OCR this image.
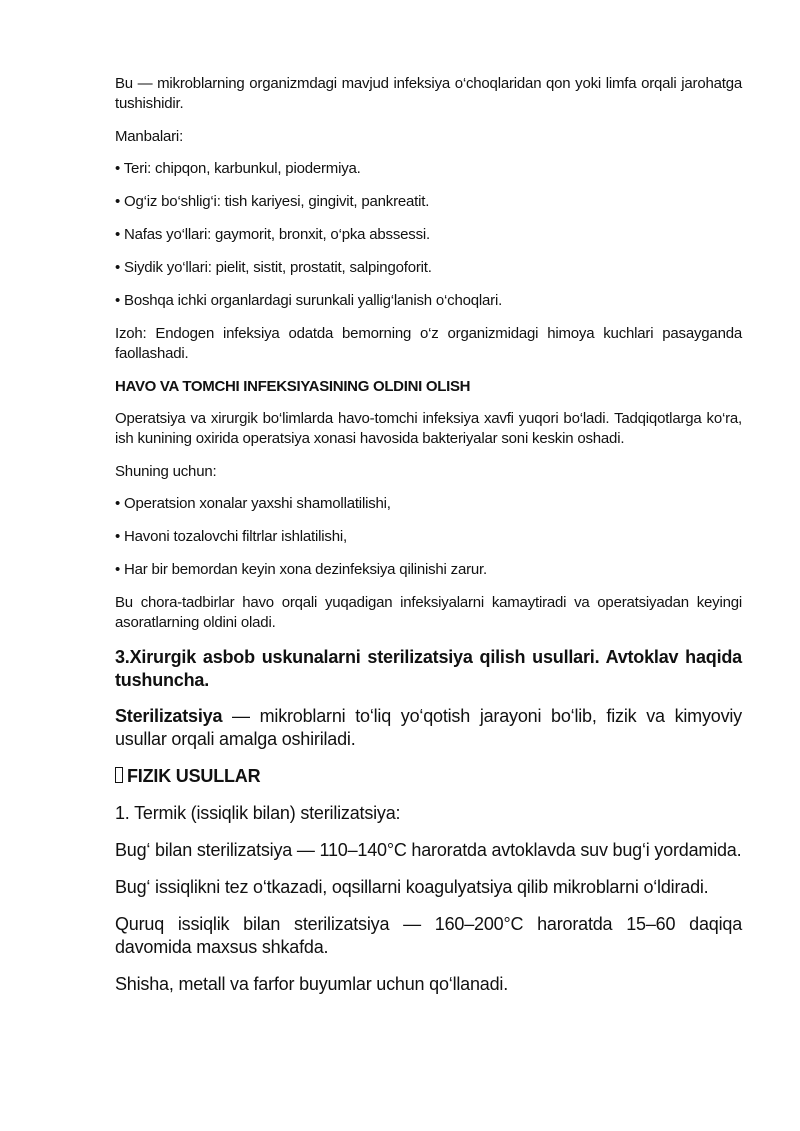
Bu — mikroblarning organizmdagi mavjud infeksiya o‘choqlaridan qon yoki limfa orqali jarohatga tushishidir.

Manbalari:

• Teri: chipqon, karbunkul, piodermiya.

• Og‘iz bo‘shlig‘i: tish kariyesi, gingivit, pankreatit.

• Nafas yo‘llari: gaymorit, bronxit, o‘pka abssessi.

• Siydik yo‘llari: pielit, sistit, prostatit, salpingoforit.

• Boshqa ichki organlardagi surunkali yallig‘lanish o‘choqlari.

Izoh: Endogen infeksiya odatda bemorning o‘z organizmidagi himoya kuchlari pasayganda faollashadi.

HAVO VA TOMCHI INFEKSIYASINING OLDINI OLISH

Operatsiya va xirurgik bo‘limlarda havo-tomchi infeksiya xavfi yuqori bo‘ladi. Tadqiqotlarga ko‘ra, ish kunining oxirida operatsiya xonasi havosida bakteriyalar soni keskin oshadi.

Shuning uchun:

• Operatsion xonalar yaxshi shamollatilishi,

• Havoni tozalovchi filtrlar ishlatilishi,

• Har bir bemordan keyin xona dezinfeksiya qilinishi zarur.

Bu chora-tadbirlar havo orqali yuqadigan infeksiyalarni kamaytiradi va operatsiyadan keyingi asoratlarning oldini oladi.

3.Xirurgik asbob uskunalarni sterilizatsiya qilish usullari. Avtoklav haqida tushuncha.

Sterilizatsiya — mikroblarni to‘liq yo‘qotish jarayoni bo‘lib, fizik va kimyoviy usullar orqali amalga oshiriladi.

FIZIK USULLAR

1. Termik (issiqlik bilan) sterilizatsiya:

Bug‘ bilan sterilizatsiya — 110–140°C haroratda avtoklavda suv bug‘i yordamida.

Bug‘ issiqlikni tez o‘tkazadi, oqsillarni koagulyatsiya qilib mikroblarni o‘ldiradi.

Quruq issiqlik bilan sterilizatsiya — 160–200°C haroratda 15–60 daqiqa davomida maxsus shkafda.

Shisha, metall va farfor buyumlar uchun qo‘llanadi.
